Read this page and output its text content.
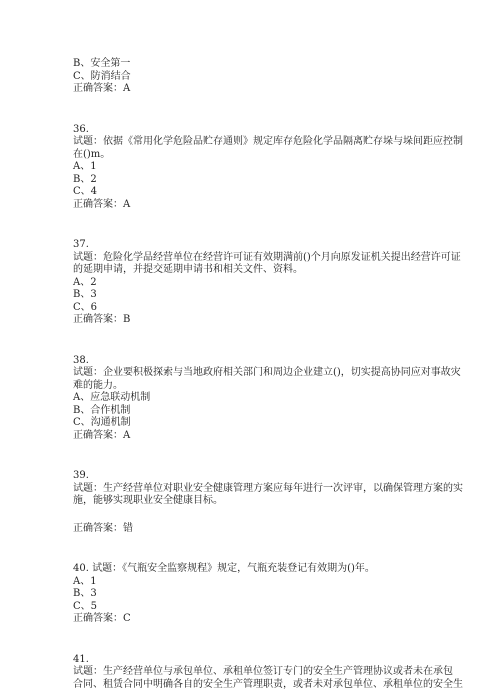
B、安全第一
C、防消结合
正确答案：A
36.
试题：依据《常用化学危险品贮存通则》规定库存危险化学品隔离贮存垛与垛间距应控制
在()m。
A、1
B、2
C、4
正确答案：A
37.
试题：危险化学品经营单位在经营许可证有效期满前()个月向原发证机关提出经营许可证
的延期申请，并提交延期申请书和相关文件、资料。
A、2
B、3
C、6
正确答案：B
38.
试题：企业要积极探索与当地政府相关部门和周边企业建立()，切实提高协同应对事故灾
难的能力。
A、应急联动机制
B、合作机制
C、沟通机制
正确答案：A
39.
试题：生产经营单位对职业安全健康管理方案应每年进行一次评审，以确保管理方案的实
施，能够实现职业安全健康目标。
正确答案：错
40. 试题：《气瓶安全监察规程》规定，气瓶充装登记有效期为()年。
A、1
B、3
C、5
正确答案：C
41.
试题：生产经营单位与承包单位、承租单位签订专门的安全生产管理协议或者未在承包
合同、租赁合同中明确各自的安全生产管理职责，或者未对承包单位、承租单位的安全生
